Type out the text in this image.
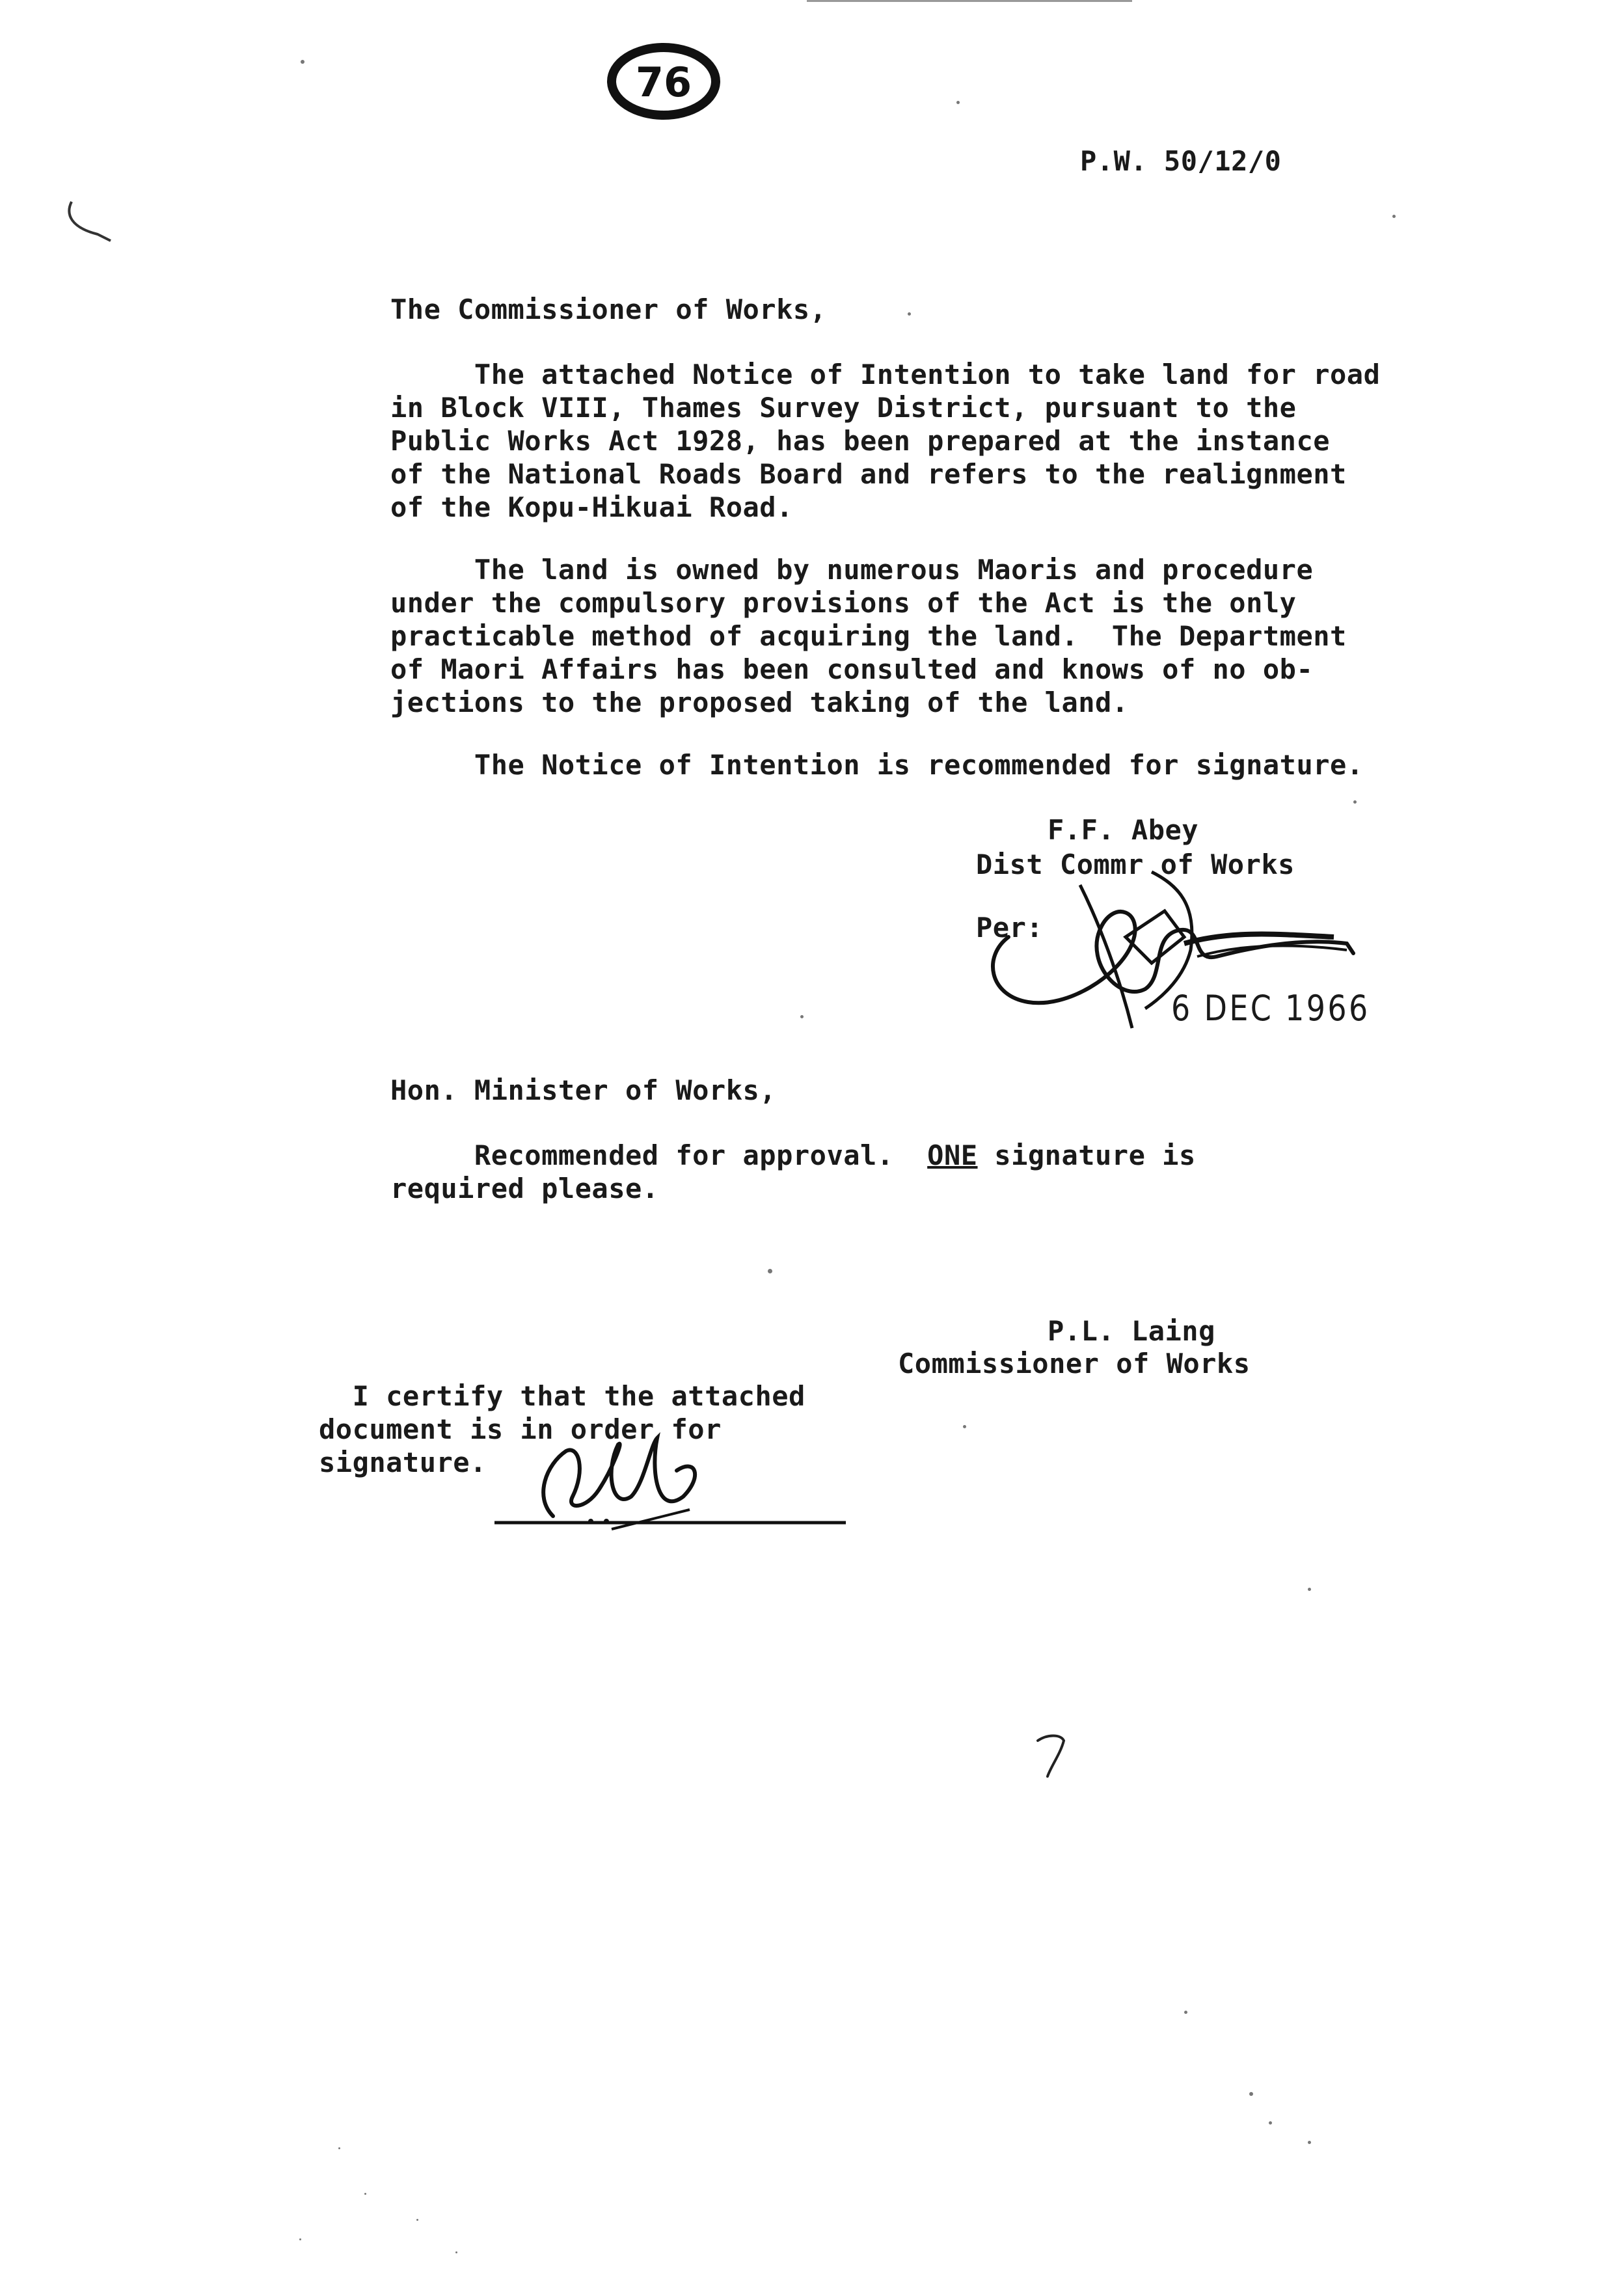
76
P.W. 50/12/0
The Commissioner of Works,

The attached Notice of Intention to take land for road

in Block VIII, Thames Survey District, pursuant to the

Public Works Act 1928, has been prepared at the instance

of the National Roads Board and refers to the realignment

of the Kopu-Hikuai Road.

The land is owned by numerous Maoris and procedure

under the compulsory provisions of the Act is the only

practicable method of acquiring the land.  The Department

of Maori Affairs has been consulted and knows of no ob-

jections to the proposed taking of the land.

The Notice of Intention is recommended for signature.
F.F. Abey
Dist Commr of Works
Per:
6 DEC 1966
Hon. Minister of Works,
Recommended for approval.  ONE signature is
required please.
P.L. Laing
Commissioner of Works

I certify that the attached

document is in order for

signature.

7
